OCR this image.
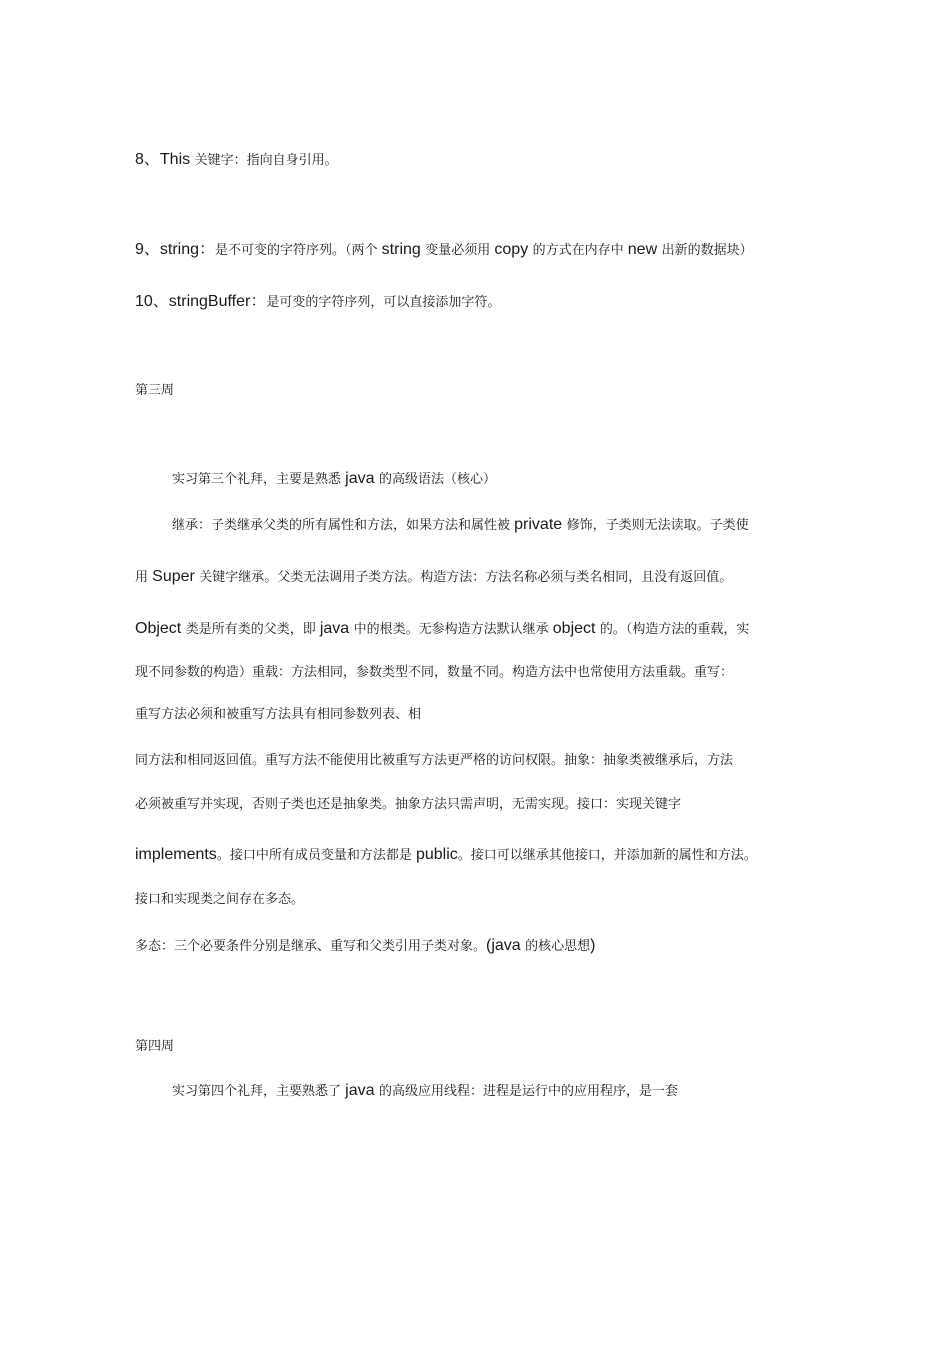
8、This 关键字：指向自身引用。
9、string：是不可变的字符序列。（两个 string 变量必须用 copy 的方式在内存中 new 出新的数据块）
10、stringBuffer：是可变的字符序列，可以直接添加字符。
第三周
实习第三个礼拜，主要是熟悉 java 的高级语法（核心）
继承：子类继承父类的所有属性和方法，如果方法和属性被 private 修饰，子类则无法读取。子类使
用 Super 关键字继承。父类无法调用子类方法。构造方法：方法名称必须与类名相同，且没有返回值。
Object 类是所有类的父类，即 java 中的根类。无参构造方法默认继承 object 的。（构造方法的重载，实
现不同参数的构造）重载：方法相同，参数类型不同，数量不同。构造方法中也常使用方法重载。重写：
重写方法必须和被重写方法具有相同参数列表、相
同方法和相同返回值。重写方法不能使用比被重写方法更严格的访问权限。抽象：抽象类被继承后，方法
必须被重写并实现，否则子类也还是抽象类。抽象方法只需声明，无需实现。接口：实现关键字
implements。接口中所有成员变量和方法都是 public。接口可以继承其他接口，并添加新的属性和方法。
接口和实现类之间存在多态。
多态：三个必要条件分别是继承、重写和父类引用子类对象。(java 的核心思想)
第四周
实习第四个礼拜，主要熟悉了 java 的高级应用线程：进程是运行中的应用程序，是一套
